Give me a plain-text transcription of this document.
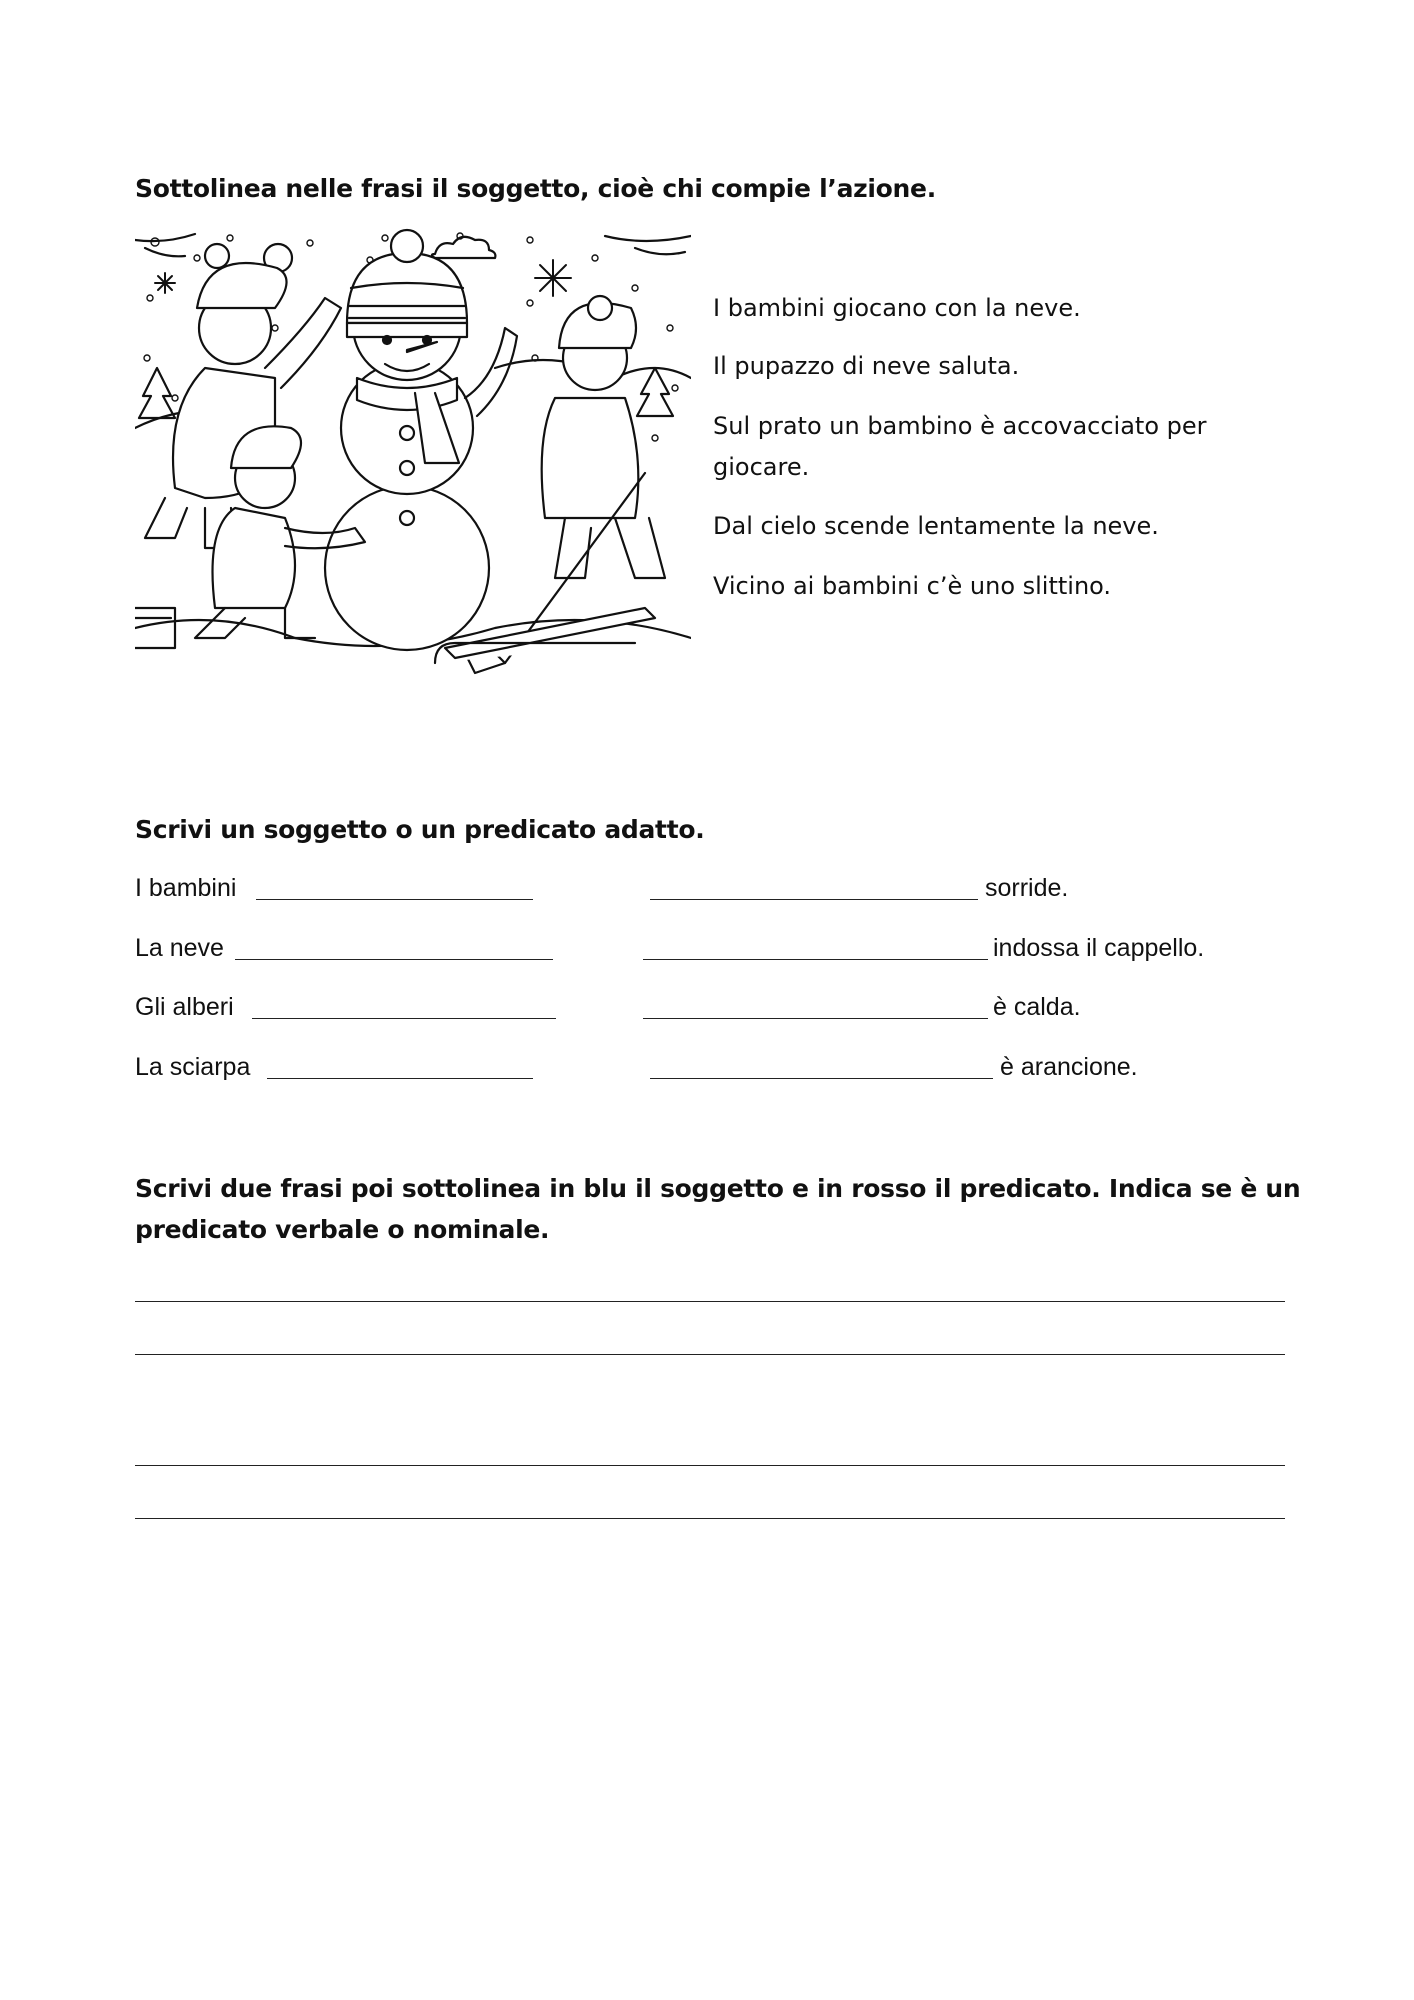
Sottolinea nelle frasi il soggetto, cioè chi compie l’azione.
I bambini giocano con la neve.
Il pupazzo di neve saluta.
Sul prato un bambino è accovacciato per
giocare.
Dal cielo scende lentamente la neve.
Vicino ai bambini c’è uno slittino.
Scrivi un soggetto o un predicato adatto.
I bambini	sorride.
La neve	indossa il cappello.
Gli alberi	è calda.
La sciarpa	è arancione.
Scrivi due frasi poi sottolinea in blu il soggetto e in rosso il predicato. Indica se è un
predicato verbale o nominale.
